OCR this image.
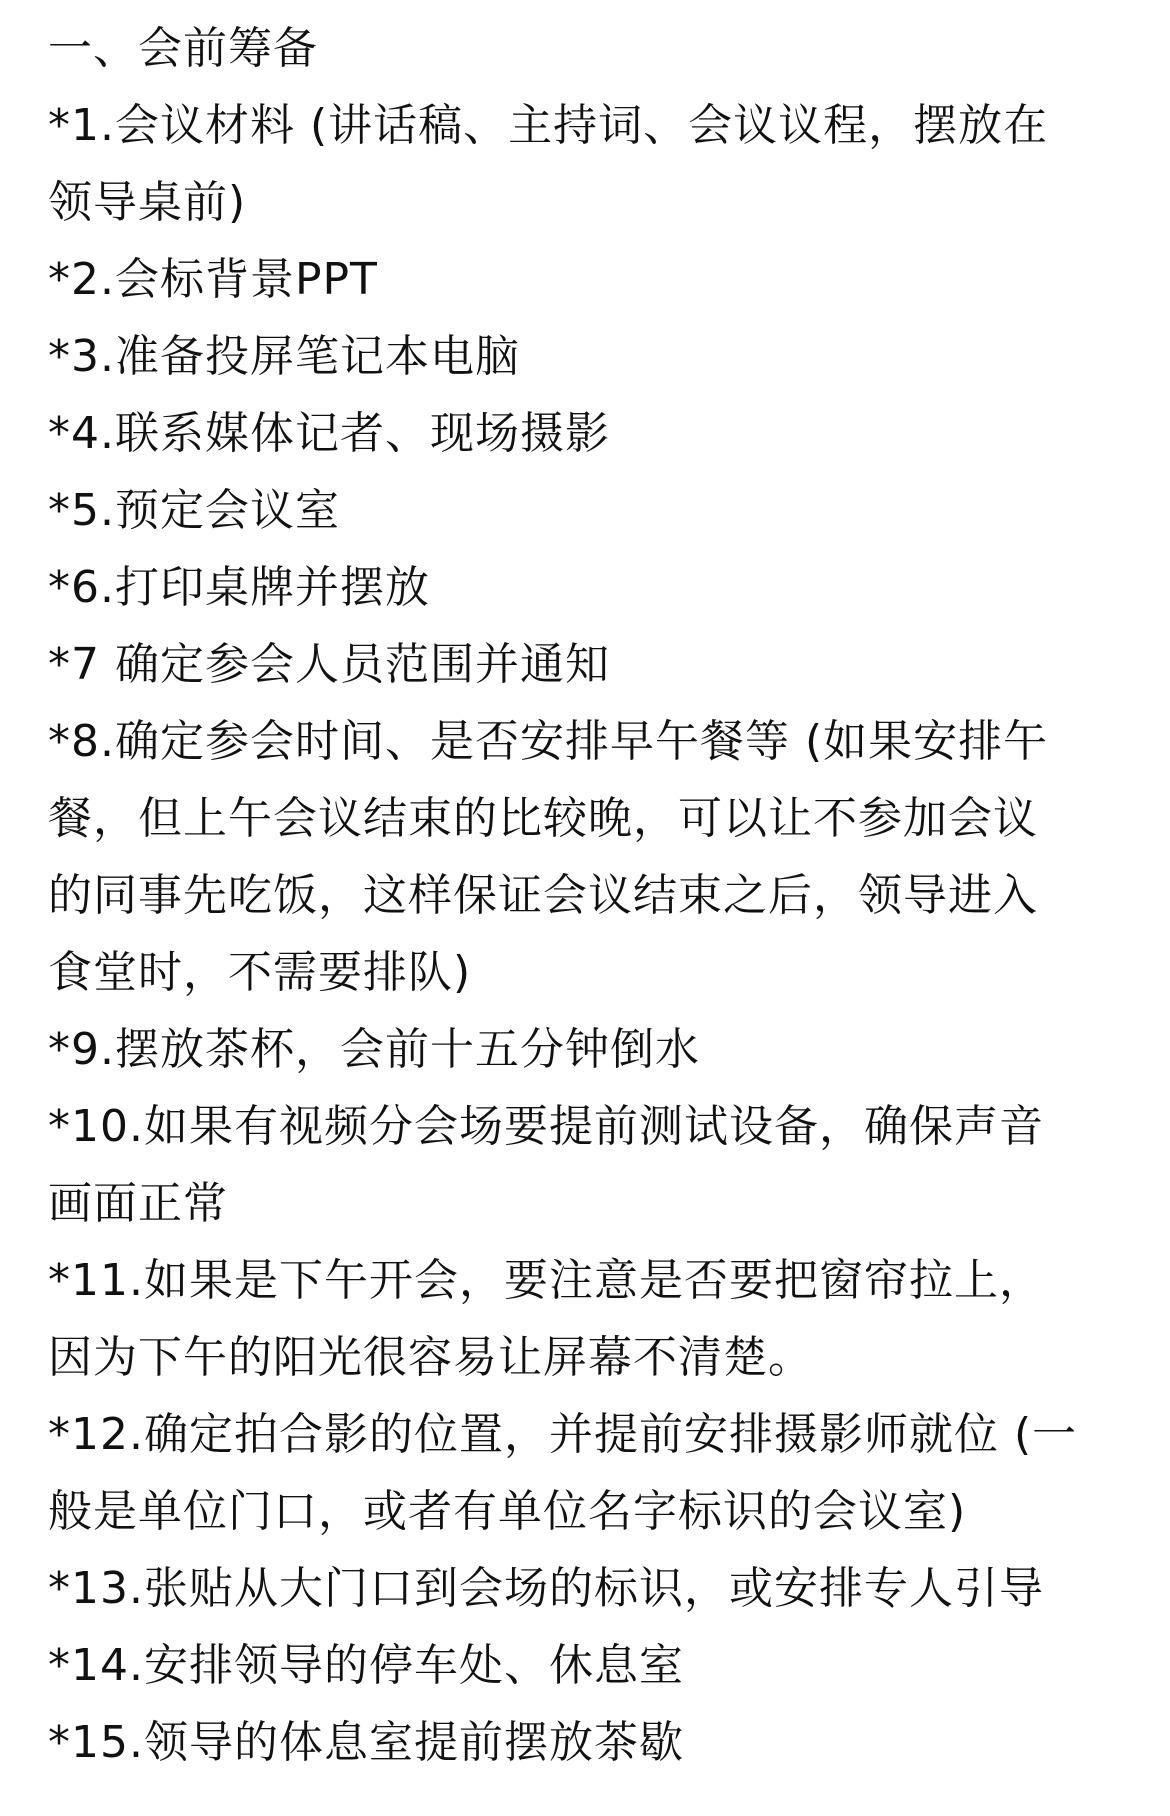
一、会前筹备

*1.会议材料 (讲话稿、主持词、会议议程，摆放在

领导桌前)

*2.会标背景PPT

*3.准备投屏笔记本电脑

*4.联系媒体记者、现场摄影

*5.预定会议室

*6.打印桌牌并摆放

*7 确定参会人员范围并通知

*8.确定参会时间、是否安排早午餐等 (如果安排午

餐，但上午会议结束的比较晚，可以让不参加会议

的同事先吃饭，这样保证会议结束之后，领导进入

食堂时，不需要排队)

*9.摆放茶杯，会前十五分钟倒水

*10.如果有视频分会场要提前测试设备，确保声音

画面正常

*11.如果是下午开会，要注意是否要把窗帘拉上，

因为下午的阳光很容易让屏幕不清楚。

*12.确定拍合影的位置，并提前安排摄影师就位 (一

般是单位门口，或者有单位名字标识的会议室)

*13.张贴从大门口到会场的标识，或安排专人引导

*14.安排领导的停车处、休息室

*15.领导的体息室提前摆放茶歇
